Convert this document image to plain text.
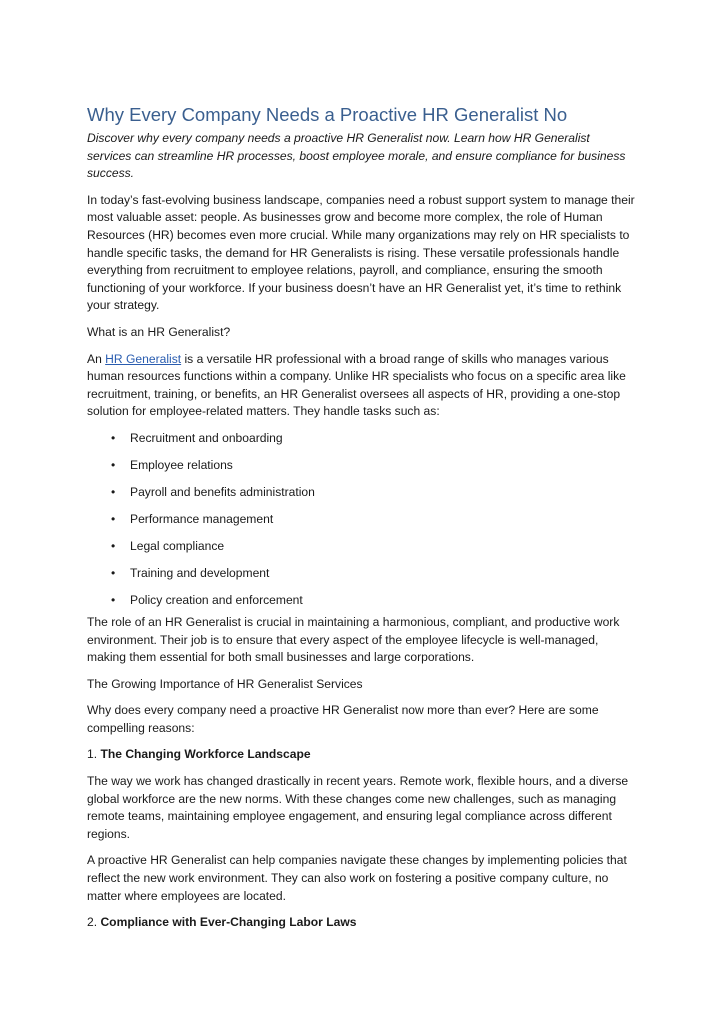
Why Every Company Needs a Proactive HR Generalist No

Discover why every company needs a proactive HR Generalist now. Learn how HR Generalist services can streamline HR processes, boost employee morale, and ensure compliance for business success.

In today’s fast-evolving business landscape, companies need a robust support system to manage their most valuable asset: people. As businesses grow and become more complex, the role of Human Resources (HR) becomes even more crucial. While many organizations may rely on HR specialists to handle specific tasks, the demand for HR Generalists is rising. These versatile professionals handle everything from recruitment to employee relations, payroll, and compliance, ensuring the smooth functioning of your workforce. If your business doesn’t have an HR Generalist yet, it’s time to rethink your strategy.

What is an HR Generalist?

An HR Generalist is a versatile HR professional with a broad range of skills who manages various human resources functions within a company. Unlike HR specialists who focus on a specific area like recruitment, training, or benefits, an HR Generalist oversees all aspects of HR, providing a one-stop solution for employee-related matters. They handle tasks such as:

• Recruitment and onboarding
• Employee relations
• Payroll and benefits administration
• Performance management
• Legal compliance
• Training and development
• Policy creation and enforcement

The role of an HR Generalist is crucial in maintaining a harmonious, compliant, and productive work environment. Their job is to ensure that every aspect of the employee lifecycle is well-managed, making them essential for both small businesses and large corporations.

The Growing Importance of HR Generalist Services

Why does every company need a proactive HR Generalist now more than ever? Here are some compelling reasons:

1. The Changing Workforce Landscape

The way we work has changed drastically in recent years. Remote work, flexible hours, and a diverse global workforce are the new norms. With these changes come new challenges, such as managing remote teams, maintaining employee engagement, and ensuring legal compliance across different regions.

A proactive HR Generalist can help companies navigate these changes by implementing policies that reflect the new work environment. They can also work on fostering a positive company culture, no matter where employees are located.

2. Compliance with Ever-Changing Labor Laws
